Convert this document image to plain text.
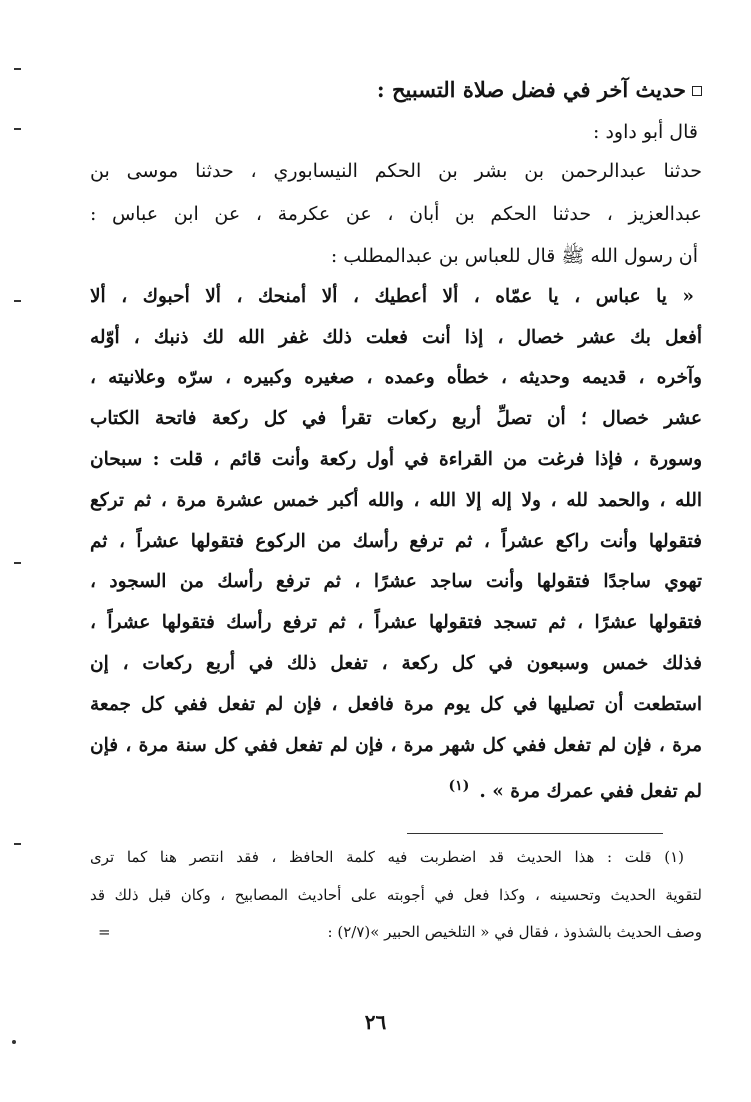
حديث آخر في فضل صلاة التسبيح :
قال أبو داود :
حدثنا عبدالرحمن بن بشر بن الحكم النيسابوري ، حدثنا موسى بن
عبدالعزيز ، حدثنا الحكم بن أبان ، عن عكرمة ، عن ابن عباس :
أن رسول الله ﷺ قال للعباس بن عبدالمطلب :
« يا عباس ، يا عمّاه ، ألا أعطيك ، ألا أمنحك ، ألا أحبوك ، ألا
أفعل بك عشر خصال ، إذا أنت فعلت ذلك غفر الله لك ذنبك ، أوّله
وآخره ، قديمه وحديثه ، خطأه وعمده ، صغيره وكبيره ، سرّه وعلانيته ،
عشر خصال ؛ أن تصلِّ أربع ركعات تقرأ في كل ركعة فاتحة الكتاب
وسورة ، فإذا فرغت من القراءة في أول ركعة وأنت قائم ، قلت : سبحان
الله ، والحمد لله ، ولا إله إلا الله ، والله أكبر خمس عشرة مرة ، ثم تركع
فتقولها وأنت راكع عشراً ، ثم ترفع رأسك من الركوع فتقولها عشراً ، ثم
تهوي ساجدًا فتقولها وأنت ساجد عشرًا ، ثم ترفع رأسك من السجود ،
فتقولها عشرًا ، ثم تسجد فتقولها عشراً ، ثم ترفع رأسك فتقولها عشراً ،
فذلك خمس وسبعون في كل ركعة ، تفعل ذلك في أربع ركعات ، إن
استطعت أن تصليها في كل يوم مرة فافعل ، فإن لم تفعل ففي كل جمعة
مرة ، فإن لم تفعل ففي كل شهر مرة ، فإن لم تفعل ففي كل سنة مرة ، فإن
لم تفعل ففي عمرك مرة » .$^{(١)}$
(١) قلت : هذا الحديث قد اضطربت فيه كلمة الحافظ ، فقد انتصر هنا كما ترى
لتقوية الحديث وتحسينه ، وكذا فعل في أجوبته على أحاديث المصابيح ، وكان قبل ذلك قد
وصف الحديث بالشذوذ ، فقال في « التلخيص الحبير »(٢/٧) :
=
٢٦
